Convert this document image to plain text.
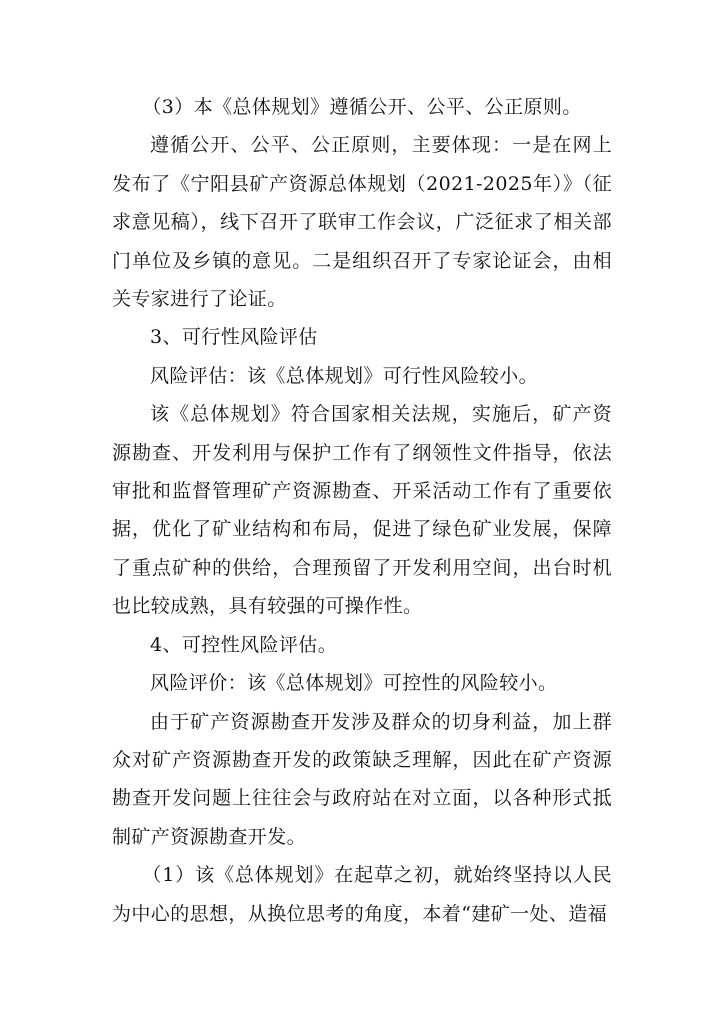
（3）本《总体规划》遵循公开、公平、公正原则。

遵循公开、公平、公正原则，主要体现：一是在网上发布了《宁阳县矿产资源总体规划（2021-2025年）》（征求意见稿），线下召开了联审工作会议，广泛征求了相关部门单位及乡镇的意见。二是组织召开了专家论证会，由相关专家进行了论证。

3、可行性风险评估

风险评估：该《总体规划》可行性风险较小。

该《总体规划》符合国家相关法规，实施后，矿产资源勘查、开发利用与保护工作有了纲领性文件指导，依法审批和监督管理矿产资源勘查、开采活动工作有了重要依据，优化了矿业结构和布局，促进了绿色矿业发展，保障了重点矿种的供给，合理预留了开发利用空间，出台时机也比较成熟，具有较强的可操作性。

4、可控性风险评估。

风险评价：该《总体规划》可控性的风险较小。

由于矿产资源勘查开发涉及群众的切身利益，加上群众对矿产资源勘查开发的政策缺乏理解，因此在矿产资源勘查开发问题上往往会与政府站在对立面，以各种形式抵制矿产资源勘查开发。

（1）该《总体规划》在起草之初，就始终坚持以人民为中心的思想，从换位思考的角度，本着“建矿一处、造福
